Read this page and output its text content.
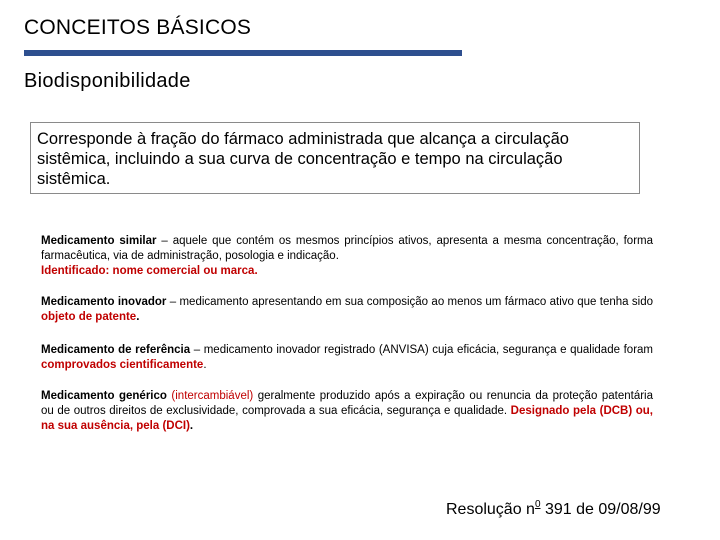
CONCEITOS BÁSICOS
Biodisponibilidade
Corresponde à fração do fármaco administrada que alcança a circulação sistêmica, incluindo a sua curva de concentração e tempo na circulação sistêmica.
Medicamento similar – aquele que contém os mesmos princípios ativos, apresenta a mesma concentração, forma farmacêutica, via de administração, posologia e indicação.
Identificado: nome comercial ou marca.
Medicamento inovador – medicamento apresentando em sua composição ao menos um fármaco ativo que tenha sido objeto de patente.
Medicamento de referência – medicamento inovador registrado (ANVISA) cuja eficácia, segurança e qualidade foram comprovados cientificamente.
Medicamento genérico (intercambiável) geralmente produzido após a expiração ou renuncia da proteção patentária ou de outros direitos de exclusividade, comprovada a sua eficácia, segurança e qualidade. Designado pela (DCB) ou, na sua ausência, pela (DCI).
Resolução $n^0$ 391 de 09/08/99
